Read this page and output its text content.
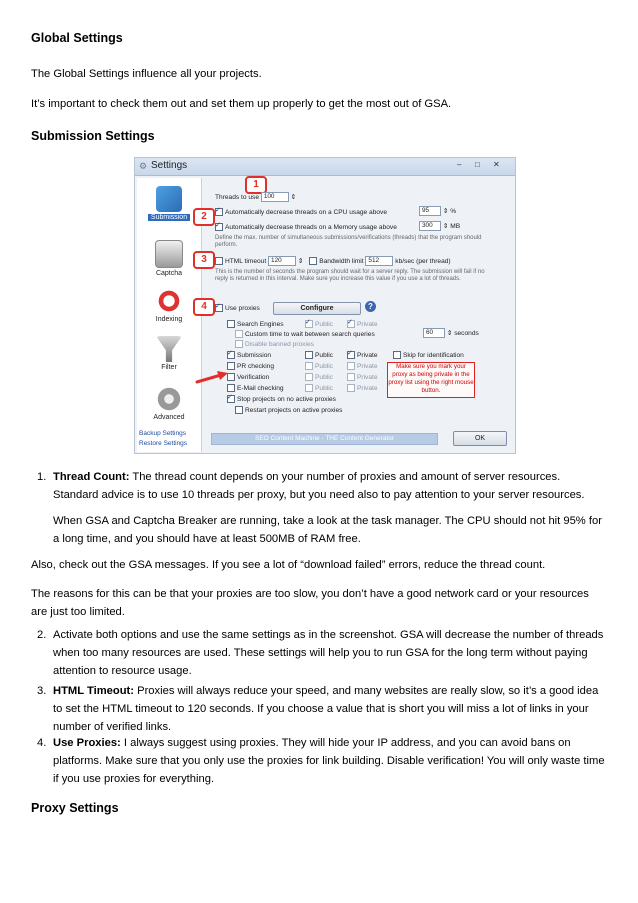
Global Settings

The Global Settings influence all your projects.

It’s important to check them out and set them up properly to get the most out of GSA.

Submission Settings
⚙ Settings	– □ ✕
Submission
Captcha
Indexing
Filter
Advanced
Backup Settings
Restore Settings
1
2
3
4
Threads to use 100 ⇕
✓Automatically decrease threads on a CPU usage above	95 ⇕ %
✓Automatically decrease threads on a Memory usage above	300 ⇕ MB
Define the max. number of simultaneous submissions/verifications (threads) that the program should perform.
HTML timeout 120 ⇕ Bandwidth limit 512 kb/sec (per thread)
This is the number of seconds the program should wait for a server reply. The submission will fail if no reply is returned in this interval. Make sure you increase this value if you use a lot of threads.
✓Use proxies	Configure	?
Search Engines ✓	Public ✓	Private
Custom time to wait between search queries	60 ⇕ seconds
Disable banned proxies
✓Submission	Public ✓	Private	Skip for identification
PR checking	Public	Private
Verification	Public	Private
E-Mail checking	Public	Private
Make sure you mark your proxy as being private in the proxy list using the right mouse button.
✓Stop projects on no active proxies
Restart projects on active proxies
SEO Content Machine - THE Content Generator	OK
1. Thread Count: The thread count depends on your number of proxies and amount of server resources. Standard advice is to use 10 threads per proxy, but you need also to pay attention to your server resources.

When GSA and Captcha Breaker are running, take a look at the task manager. The CPU should not hit 95% for a long time, and you should have at least 500MB of RAM free.

Also, check out the GSA messages. If you see a lot of “download failed” errors, reduce the thread count.

The reasons for this can be that your proxies are too slow, you don’t have a good network card or your resources are just too limited.

2. Activate both options and use the same settings as in the screenshot. GSA will decrease the number of threads when too many resources are used. These settings will help you to run GSA for the long term without paying attention to resource usage.
3. HTML Timeout: Proxies will always reduce your speed, and many websites are really slow, so it’s a good idea to set the HTML timeout to 120 seconds. If you choose a value that is short you will miss a lot of links in your number of verified links.
4. Use Proxies: I always suggest using proxies. They will hide your IP address, and you can avoid bans on platforms. Make sure that you only use the proxies for link building. Disable verification! You will only waste time if you use proxies for everything.
Proxy Settings
